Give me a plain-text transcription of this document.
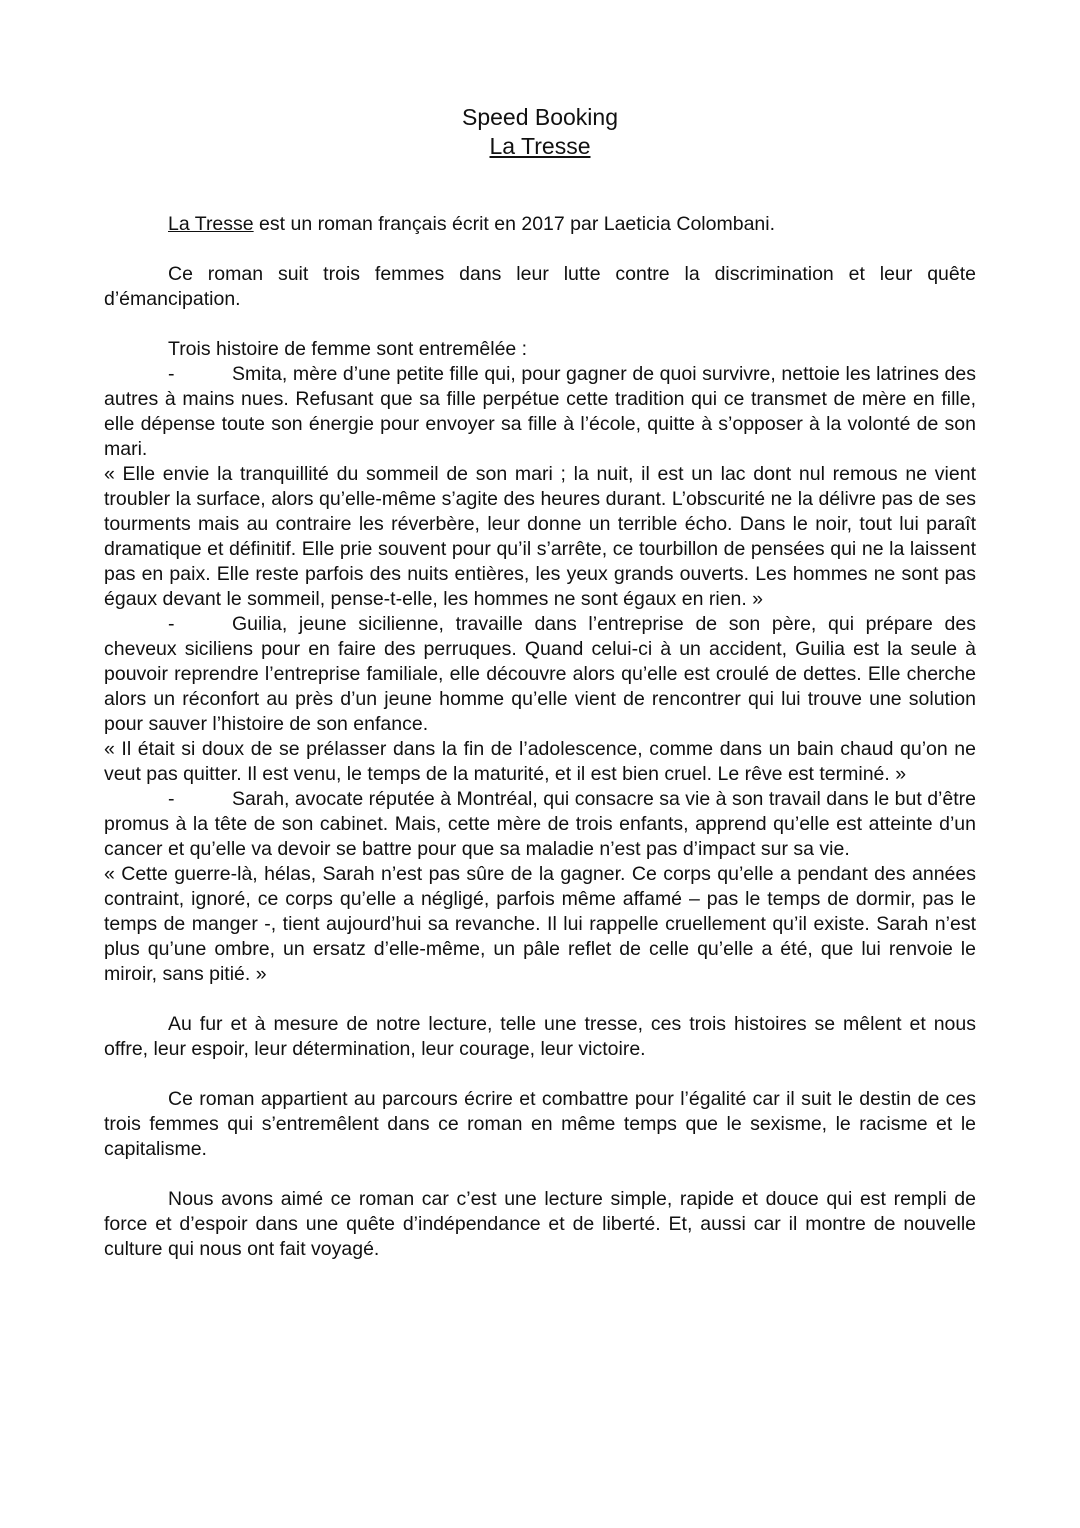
Speed Booking
La Tresse

La Tresse est un roman français écrit en 2017 par Laeticia Colombani.

Ce roman suit trois femmes dans leur lutte contre la discrimination et leur quête d’émancipation.

Trois histoire de femme sont entremêlée :

-	Smita, mère d’une petite fille qui, pour gagner de quoi survivre, nettoie les latrines des autres à mains nues. Refusant que sa fille perpétue cette tradition qui ce transmet de mère en fille, elle dépense toute son énergie pour envoyer sa fille à l’école, quitte à s’opposer à la volonté de son mari.

« Elle envie la tranquillité du sommeil de son mari ; la nuit, il est un lac dont nul remous ne vient troubler la surface, alors qu’elle-même s’agite des heures durant. L’obscurité ne la délivre pas de ses tourments mais au contraire les réverbère, leur donne un terrible écho. Dans le noir, tout lui paraît dramatique et définitif. Elle prie souvent pour qu’il s’arrête, ce tourbillon de pensées qui ne la laissent pas en paix. Elle reste parfois des nuits entières, les yeux grands ouverts. Les hommes ne sont pas égaux devant le sommeil, pense-t-elle, les hommes ne sont égaux en rien. »

-	Guilia, jeune sicilienne, travaille dans l’entreprise de son père, qui prépare des cheveux siciliens pour en faire des perruques. Quand celui-ci à un accident, Guilia est la seule à pouvoir reprendre l’entreprise familiale, elle découvre alors qu’elle est croulé de dettes. Elle cherche alors un réconfort au près d’un jeune homme qu’elle vient de rencontrer qui lui trouve une solution pour sauver l’histoire de son enfance.

« Il était si doux de se prélasser dans la fin de l’adolescence, comme dans un bain chaud qu’on ne veut pas quitter. Il est venu, le temps de la maturité, et il est bien cruel. Le rêve est terminé. »

-	Sarah, avocate réputée à Montréal, qui consacre sa vie à son travail dans le but d’être promus à la tête de son cabinet. Mais, cette mère de trois enfants, apprend qu’elle est atteinte d’un cancer et qu’elle va devoir se battre pour que sa maladie n’est pas d’impact sur sa vie.

« Cette guerre-là, hélas, Sarah n’est pas sûre de la gagner. Ce corps qu’elle a pendant des années contraint, ignoré, ce corps qu’elle a négligé, parfois même affamé – pas le temps de dormir, pas le temps de manger -, tient aujourd’hui sa revanche. Il lui rappelle cruellement qu’il existe. Sarah n’est plus qu’une ombre, un ersatz d’elle-même, un pâle reflet de celle qu’elle a été, que lui renvoie le miroir, sans pitié. »

Au fur et à mesure de notre lecture, telle une tresse, ces trois histoires se mêlent et nous offre, leur espoir, leur détermination, leur courage, leur victoire.

Ce roman appartient au parcours écrire et combattre pour l’égalité car il suit le destin de ces trois femmes qui s’entremêlent dans ce roman en même temps que le sexisme, le racisme et le capitalisme.

Nous avons aimé ce roman car c’est une lecture simple, rapide et douce qui est rempli de force et d’espoir dans une quête d’indépendance et de liberté. Et, aussi car il montre de nouvelle culture qui nous ont fait voyagé.
